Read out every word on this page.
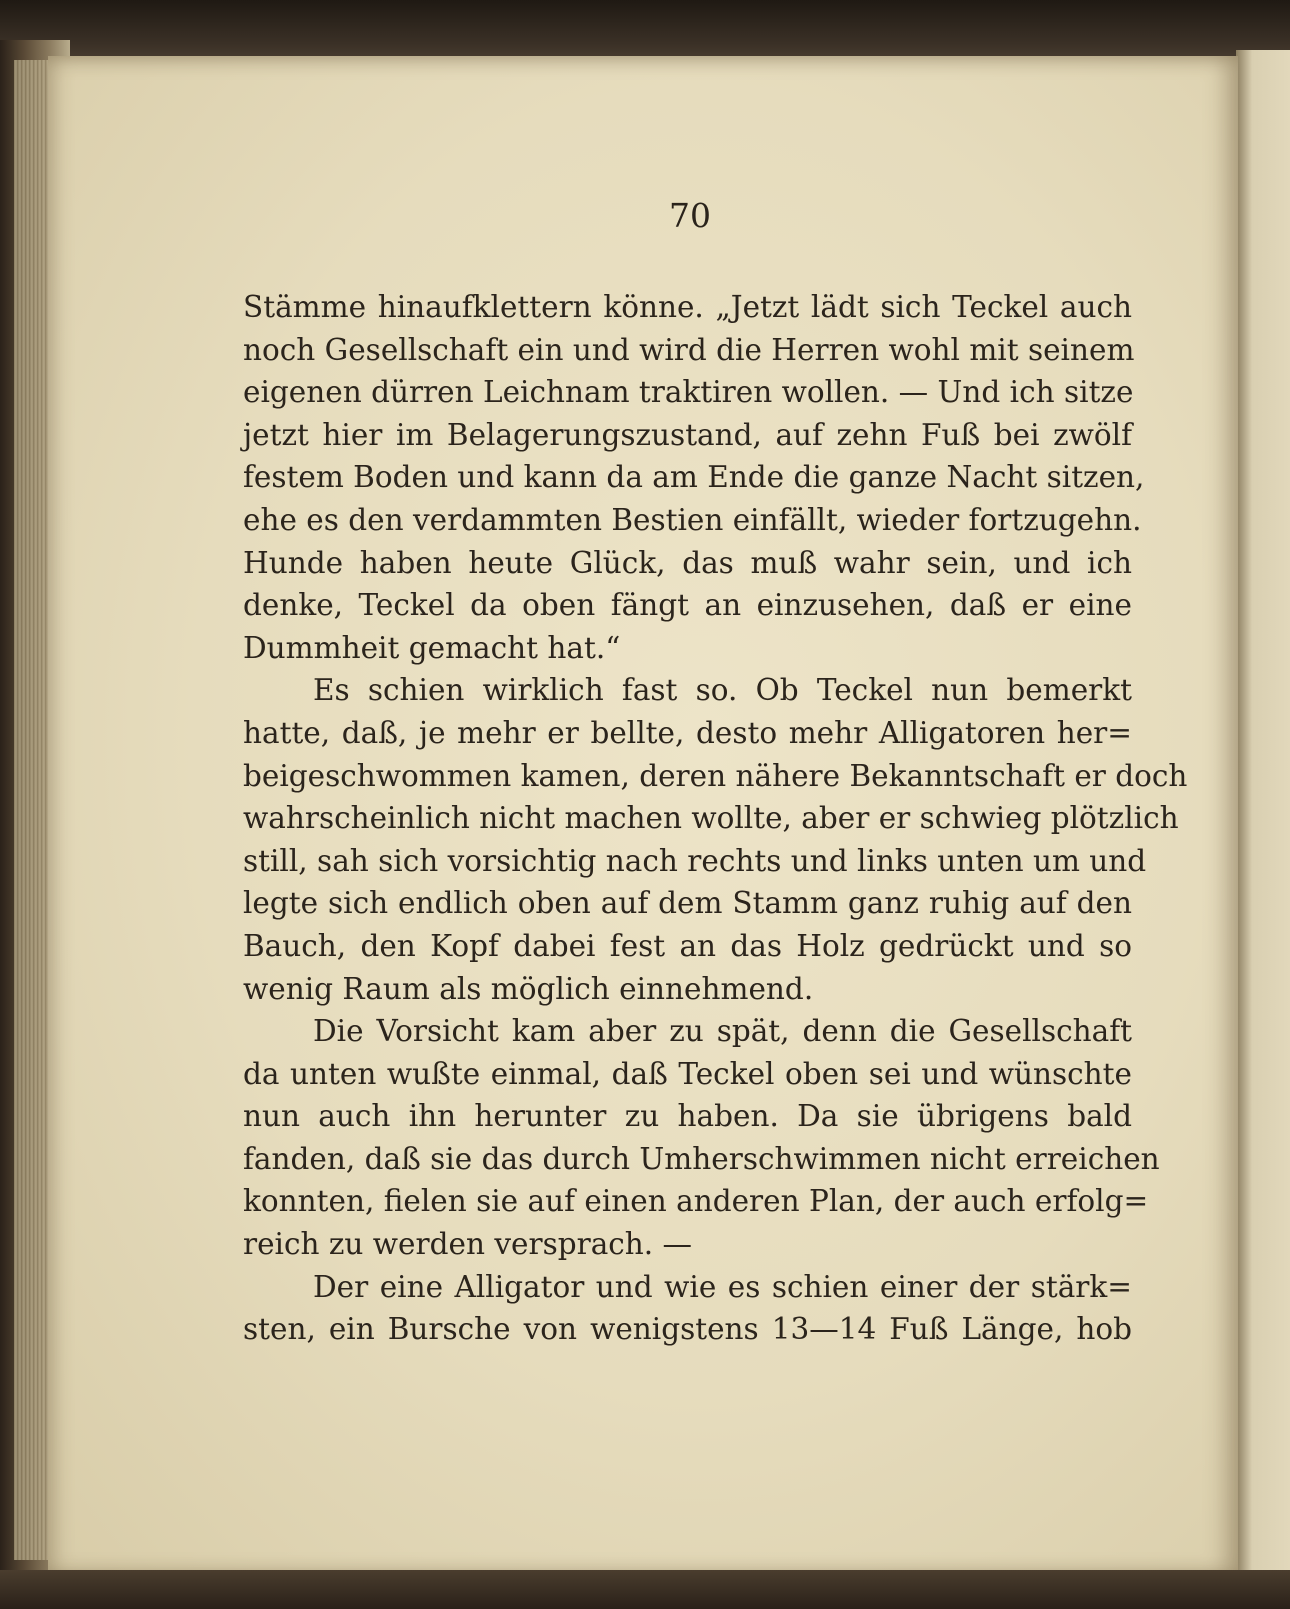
70
Stämme hinaufklettern könne. „Jetzt lädt sich Teckel auch
noch Gesellschaft ein und wird die Herren wohl mit seinem
eigenen dürren Leichnam traktiren wollen. — Und ich sitze
jetzt hier im Belagerungszustand, auf zehn Fuß bei zwölf
festem Boden und kann da am Ende die ganze Nacht sitzen,
ehe es den verdammten Bestien einfällt, wieder fortzugehn.
Hunde haben heute Glück, das muß wahr sein, und ich
denke, Teckel da oben fängt an einzusehen, daß er eine
Dummheit gemacht hat.“
Es schien wirklich fast so. Ob Teckel nun bemerkt
hatte, daß, je mehr er bellte, desto mehr Alligatoren her=
beigeschwommen kamen, deren nähere Bekanntschaft er doch
wahrscheinlich nicht machen wollte, aber er schwieg plötzlich
still, sah sich vorsichtig nach rechts und links unten um und
legte sich endlich oben auf dem Stamm ganz ruhig auf den
Bauch, den Kopf dabei fest an das Holz gedrückt und so
wenig Raum als möglich einnehmend.
Die Vorsicht kam aber zu spät, denn die Gesellschaft
da unten wußte einmal, daß Teckel oben sei und wünschte
nun auch ihn herunter zu haben. Da sie übrigens bald
fanden, daß sie das durch Umherschwimmen nicht erreichen
konnten, fielen sie auf einen anderen Plan, der auch erfolg=
reich zu werden versprach. —
Der eine Alligator und wie es schien einer der stärk=
sten, ein Bursche von wenigstens 13—14 Fuß Länge, hob
